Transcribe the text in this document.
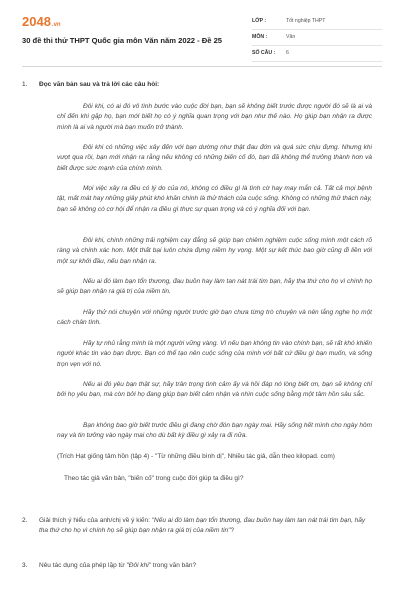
2048.vn
30 đề thi thử THPT Quốc gia môn Văn năm 2022 - Đề 25
LỚP :	Tốt nghiệp THPT
MÔN :	Văn
SỐ CÂU : 6
1.	Đọc văn bản sau và trả lời các câu hỏi:
Đôi khi, có ai đó vô tình bước vào cuộc đời bạn, bạn sẽ không biết trước được người đó sẽ là ai và chỉ đến khi gặp họ, bạn mới biết họ có ý nghĩa quan trọng với bạn như thế nào. Họ giúp bạn nhận ra được mình là ai và người mà bạn muốn trở thành.
Đôi khi có những việc xảy đến với bạn dường như thật đau đớn và quá sức chịu đựng. Nhưng khi vượt qua rồi, bạn mới nhận ra rằng nếu không có những biến cố đó, bạn đã không thể trưởng thành hơn và biết được sức mạnh của chính mình.
Mọi việc xảy ra đều có lý do của nó, không có điều gì là tình cờ hay may mắn cả. Tất cả mọi bệnh tật, mất mát hay những giây phút khó khăn chính là thử thách của cuộc sống. Không có những thử thách này, bạn sẽ không có cơ hội để nhận ra điều gì thực sự quan trọng và có ý nghĩa đối với bạn.
Đôi khi, chính những trải nghiệm cay đắng sẽ giúp bạn chiêm nghiệm cuộc sống mình một cách rõ ràng và chính xác hơn. Một thất bại luôn chứa đựng niềm hy vọng. Một sự kết thúc bao giờ cũng đi liền với một sự khởi đầu, nếu bạn nhận ra.
Nếu ai đó làm bạn tổn thương, đau buồn hay làm tan nát trái tim bạn, hãy tha thứ cho họ vì chính họ sẽ giúp bạn nhận ra giá trị của niềm tin.
Hãy thử nói chuyện với những người trước giờ bạn chưa từng trò chuyện và nên lắng nghe họ một cách chân tình.
Hãy tự nhủ rằng mình là một người vững vàng. Vì nếu bạn không tin vào chính bạn, sẽ rất khó khiến người khác tin vào bạn được. Bạn có thể tạo nên cuộc sống của mình với bất cứ điều gì bạn muốn, và sống trọn vẹn với nó.
Nếu ai đó yêu bạn thật sự, hãy trân trọng tình cảm ấy và hồi đáp nó lòng biết ơn, bạn sẽ không chỉ bởi họ yêu bạn, mà còn bởi họ đang giúp bạn biết cảm nhận và nhìn cuộc sống bằng một tâm hồn sâu sắc.
Bạn không bao giờ biết trước điều gì đang chờ đón bạn ngày mai. Hãy sống hết mình cho ngày hôm nay và tin tưởng vào ngày mai cho dù bất kỳ điều gì xảy ra đi nữa.
(Trích Hạt giống tâm hồn (tập 4) - "Từ những điều bình dị", Nhiều tác giả, dẫn theo kilopad. com)
Theo tác giả văn bản, "biến cố" trong cuộc đời giúp ta điều gì?
2.	Giải thích ý hiểu của anh/chị về ý kiến: "Nếu ai đó làm bạn tổn thương, đau buồn hay làm tan nát trái tim bạn, hãy tha thứ cho họ vì chính họ sẽ giúp bạn nhận ra giá trị của niềm tin"?
3.	Nêu tác dụng của phép lặp từ "Đôi khi" trong văn bản?
